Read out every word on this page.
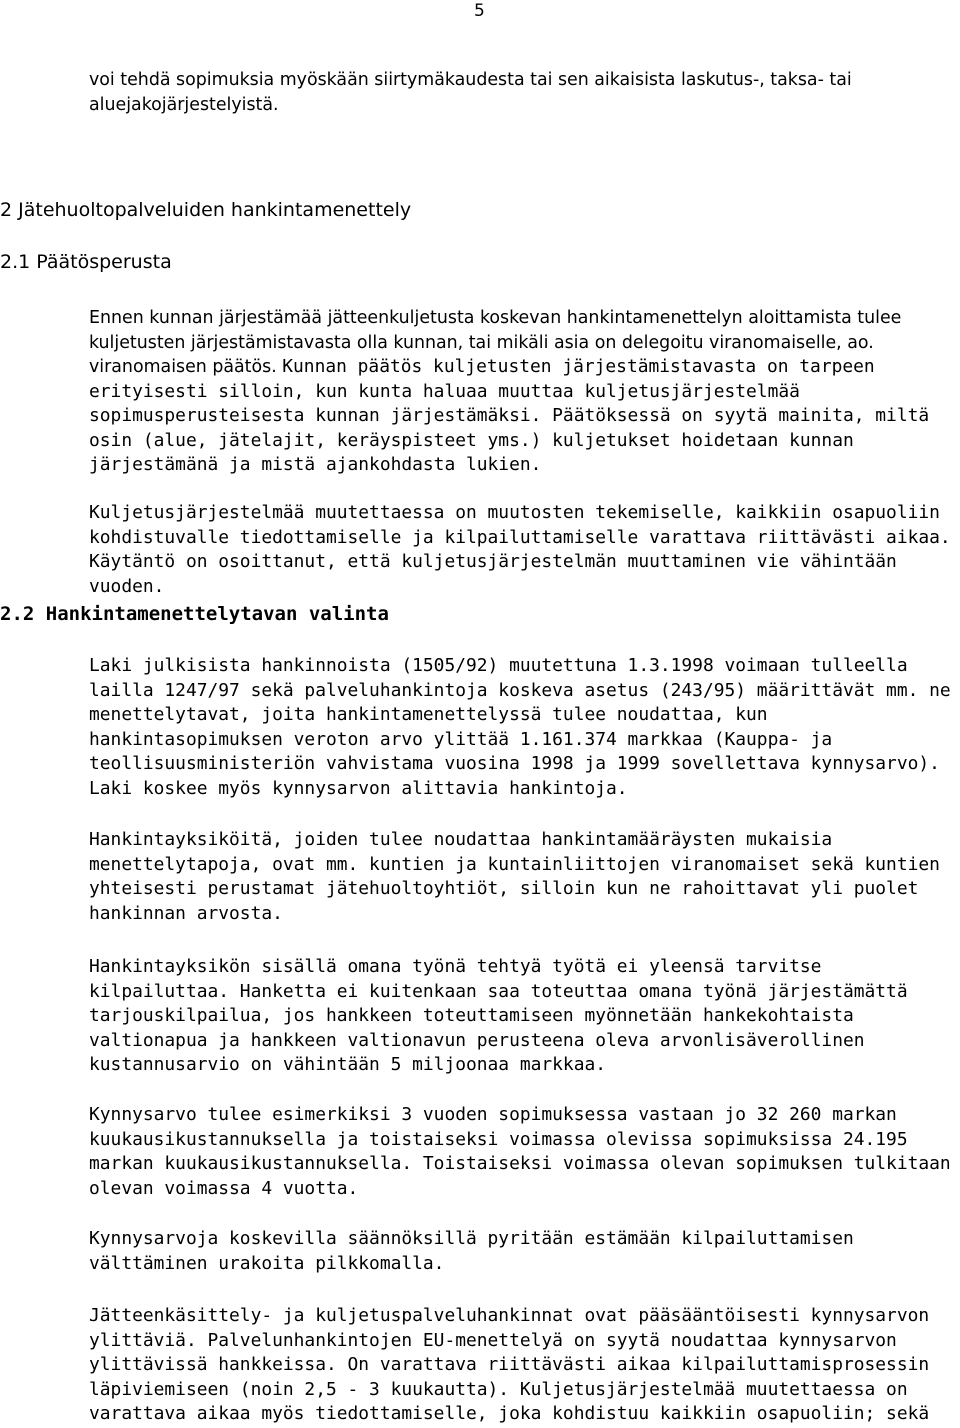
5

voi tehdä sopimuksia myöskään siirtymäkaudesta tai sen aikaisista laskutus-, taksa- tai aluejakojärjestelyistä.

2 Jätehuoltopalveluiden hankintamenettely
2.1 Päätösperusta

Ennen kunnan järjestämää jätteenkuljetusta koskevan hankintamenettelyn aloittamista tulee kuljetusten järjestämistavasta olla kunnan, tai mikäli asia on delegoitu viranomaiselle, ao. viranomaisen päätös. Kunnan päätös kuljetusten järjestämistavasta on tarpeen erityisesti silloin, kun kunta haluaa muuttaa kuljetusjärjestelmää sopimusperusteisesta kunnan järjestämäksi. Päätöksessä on syytä mainita, miltä osin (alue, jätelajit, keräyspisteet yms.) kuljetukset hoidetaan kunnan järjestämänä ja mistä ajankohdasta lukien.

Kuljetusjärjestelmää muutettaessa on muutosten tekemiselle, kaikkiin osapuoliin kohdistuvalle tiedottamiselle ja kilpailuttamiselle varattava riittävästi aikaa. Käytäntö on osoittanut, että kuljetusjärjestelmän muuttaminen vie vähintään vuoden.

2.2 Hankintamenettelytavan valinta

Laki julkisista hankinnoista (1505/92) muutettuna 1.3.1998 voimaan tulleella lailla 1247/97 sekä palveluhankintoja koskeva asetus (243/95) määrittävät mm. ne menettelytavat, joita hankintamenettelyssä tulee noudattaa, kun hankintasopimuksen veroton arvo ylittää 1.161.374 markkaa (Kauppa- ja teollisuusministeriön vahvistama vuosina 1998 ja 1999 sovellettava kynnysarvo). Laki koskee myös kynnysarvon alittavia hankintoja.

Hankintayksiköitä, joiden tulee noudattaa hankintamääräysten mukaisia menettelytapoja, ovat mm. kuntien ja kuntainliittojen viranomaiset sekä kuntien yhteisesti perustamat jätehuoltoyhtiöt, silloin kun ne rahoittavat yli puolet hankinnan arvosta.

Hankintayksikön sisällä omana työnä tehtyä työtä ei yleensä tarvitse kilpailuttaa. Hanketta ei kuitenkaan saa toteuttaa omana työnä järjestämättä tarjouskilpailua, jos hankkeen toteuttamiseen myönnetään hankekohtaista valtionapua ja hankkeen valtionavun perusteena oleva arvonlisäverollinen kustannusarvio on vähintään 5 miljoonaa markkaa.

Kynnysarvo tulee esimerkiksi 3 vuoden sopimuksessa vastaan jo 32 260 markan kuukausikustannuksella ja toistaiseksi voimassa olevissa sopimuksissa 24.195 markan kuukausikustannuksella. Toistaiseksi voimassa olevan sopimuksen tulkitaan olevan voimassa 4 vuotta.

Kynnysarvoja koskevilla säännöksillä pyritään estämään kilpailuttamisen välttäminen urakoita pilkkomalla.

Jätteenkäsittely- ja kuljetuspalveluhankinnat ovat pääsääntöisesti kynnysarvon ylittäviä. Palvelunhankintojen EU-menettelyä on syytä noudattaa kynnysarvon ylittävissä hankkeissa. On varattava riittävästi aikaa kilpailuttamisprosessin läpiviemiseen (noin 2,5 - 3 kuukautta). Kuljetusjärjestelmää muutettaessa on varattava aikaa myös tiedottamiselle, joka kohdistuu kaikkiin osapuoliin; sekä
